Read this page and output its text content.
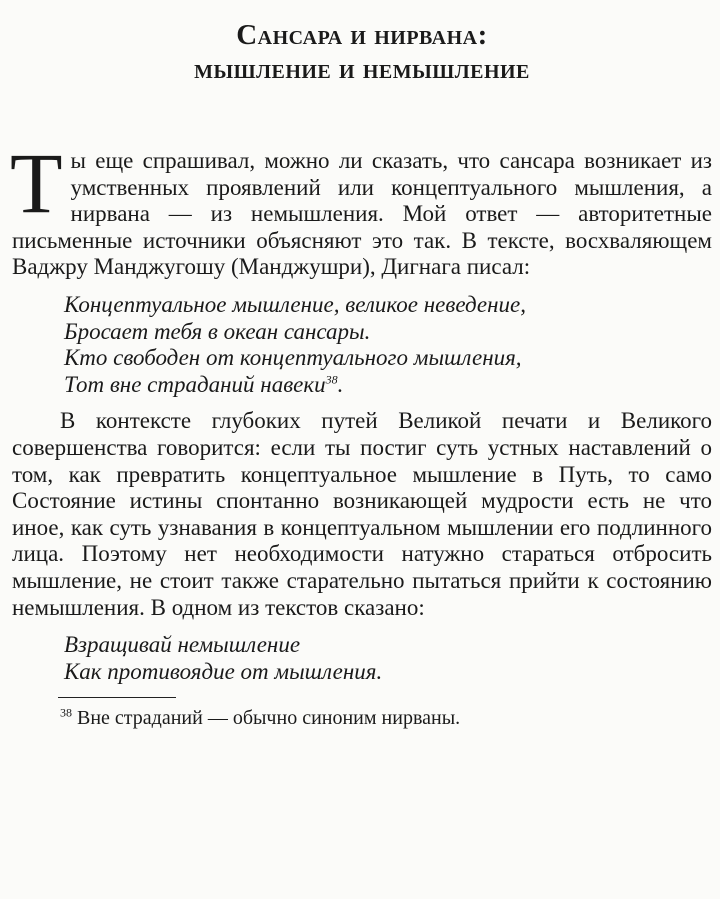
Сансара и нирвана:
мышление и немышление
Т ы еще спрашивал, можно ли сказать, что сансара возникает из умственных проявлений или концептуального мышления, а нирвана — из немышления. Мой ответ — авторитетные письменные источники объясняют это так. В тексте, восхваляющем Ваджру Манджугошу (Манджушри), Дигнага писал:

Концептуальное мышление, великое неведение,
Бросает тебя в океан сансары.
Кто свободен от концептуального мышления,
Тот вне страданий навеки$^{38}$.

В контексте глубоких путей Великой печати и Великого совершенства говорится: если ты постиг суть устных наставлений о том, как превратить концептуальное мышление в Путь, то само Состояние истины спонтанно возникающей мудрости есть не что иное, как суть узнавания в концептуальном мышлении его подлинного лица. Поэтому нет необходимости натужно стараться отбросить мышление, не стоит также старательно пытаться прийти к состоянию немышления. В одном из текстов сказано:

Взращивай немышление
Как противоядие от мышления.

$^{38}$ Вне страданий — обычно синоним нирваны.
